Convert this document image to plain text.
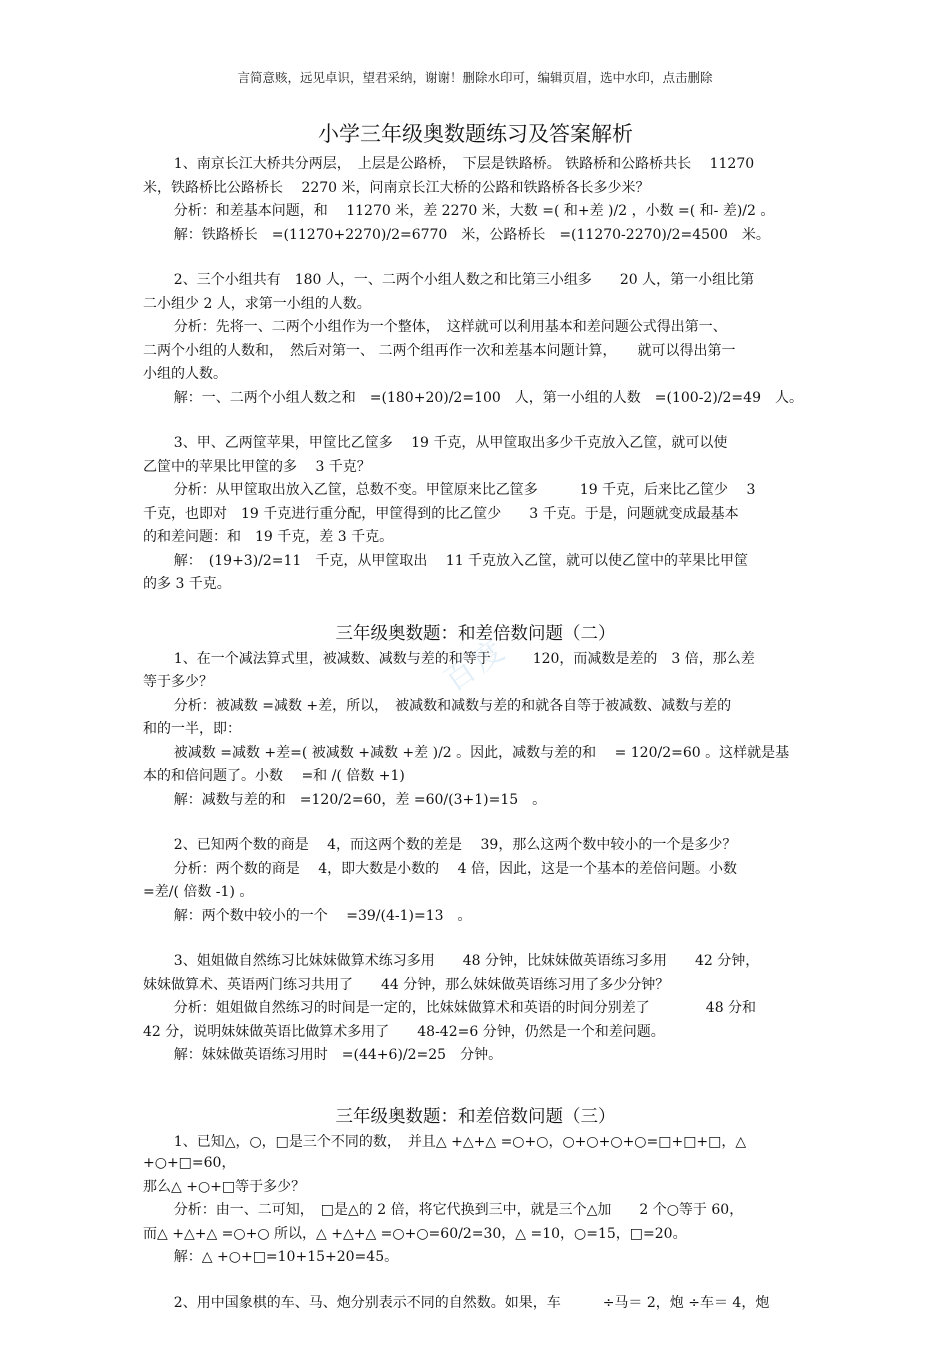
言简意赅，远见卓识，望君采纳，谢谢！删除水印可，编辑页眉，选中水印，点击删除
百度
小学三年级奥数题练习及答案解析

1、南京长江大桥共分两层，　上层是公路桥，　下层是铁路桥。 铁路桥和公路桥共长　 11270

米，铁路桥比公路桥长　 2270 米，问南京长江大桥的公路和铁路桥各长多少米？

分析：和差基本问题，和　 11270 米，差 2270 米，大数 =( 和+差 )/2 ，小数 =( 和- 差)/2 。

解：铁路桥长　=(11270+2270)/2=6770　米，公路桥长　=(11270-2270)/2=4500　米。

2、三个小组共有　180 人，一、二两个小组人数之和比第三小组多　　20 人，第一小组比第

二小组少 2 人，求第一小组的人数。

分析：先将一、二两个小组作为一个整体，　这样就可以利用基本和差问题公式得出第一、

二两个小组的人数和，　然后对第一、 二两个组再作一次和差基本问题计算，　　就可以得出第一

小组的人数。

解：一、二两个小组人数之和　=(180+20)/2=100　人，第一小组的人数　=(100-2)/2=49　人。

3、甲、乙两筐苹果，甲筐比乙筐多　 19 千克，从甲筐取出多少千克放入乙筐，就可以使

乙筐中的苹果比甲筐的多　 3 千克？

分析：从甲筐取出放入乙筐，总数不变。甲筐原来比乙筐多　　　19 千克，后来比乙筐少　 3

千克，也即对　19 千克进行重分配，甲筐得到的比乙筐少　　3 千克。于是，问题就变成最基本

的和差问题：和　19 千克，差 3 千克。

解：　(19+3)/2=11　千克，从甲筐取出　 11 千克放入乙筐，就可以使乙筐中的苹果比甲筐

的多 3 千克。

三年级奥数题：和差倍数问题（二）

1、在一个减法算式里，被减数、减数与差的和等于　　　120，而减数是差的　3 倍，那么差

等于多少？

分析：被减数 =减数 +差，所以，　被减数和减数与差的和就各自等于被减数、减数与差的

和的一半，即：

被减数 =减数 +差=( 被减数 +减数 +差 )/2 。因此，减数与差的和　 = 120/2=60 。这样就是基

本的和倍问题了。小数　 =和 /( 倍数 +1)

解：减数与差的和　=120/2=60，差 =60/(3+1)=15　。

2、已知两个数的商是　 4，而这两个数的差是　 39，那么这两个数中较小的一个是多少？

分析：两个数的商是　 4，即大数是小数的　 4 倍，因此，这是一个基本的差倍问题。小数

=差/( 倍数 -1) 。

解：两个数中较小的一个　 =39/(4-1)=13　。

3、姐姐做自然练习比妹妹做算术练习多用　　48 分钟，比妹妹做英语练习多用　　42 分钟，

妹妹做算术、英语两门练习共用了　　44 分钟，那么妹妹做英语练习用了多少分钟？

分析：姐姐做自然练习的时间是一定的，比妹妹做算术和英语的时间分别差了　　　　48 分和

42 分，说明妹妹做英语比做算术多用了　　48-42=6 分钟，仍然是一个和差问题。

解：妹妹做英语练习用时　=(44+6)/2=25　分钟。

三年级奥数题：和差倍数问题（三）

1、已知△，○，□是三个不同的数，　并且△ +△+△ =○+○，○+○+○+○=□+□+□，△ +○+□=60，

那么△ +○+□等于多少？

分析：由一、二可知，　□是△的 2 倍，将它代换到三中，就是三个△加　　2 个○等于 60，

而△ +△+△ =○+○ 所以，△ +△+△ =○+○=60/2=30，△ =10，○=15，□=20。

解：△ +○+□=10+15+20=45。

2、用中国象棋的车、马、炮分别表示不同的自然数。如果，车　　　÷马＝ 2，炮 ÷车＝ 4，炮
